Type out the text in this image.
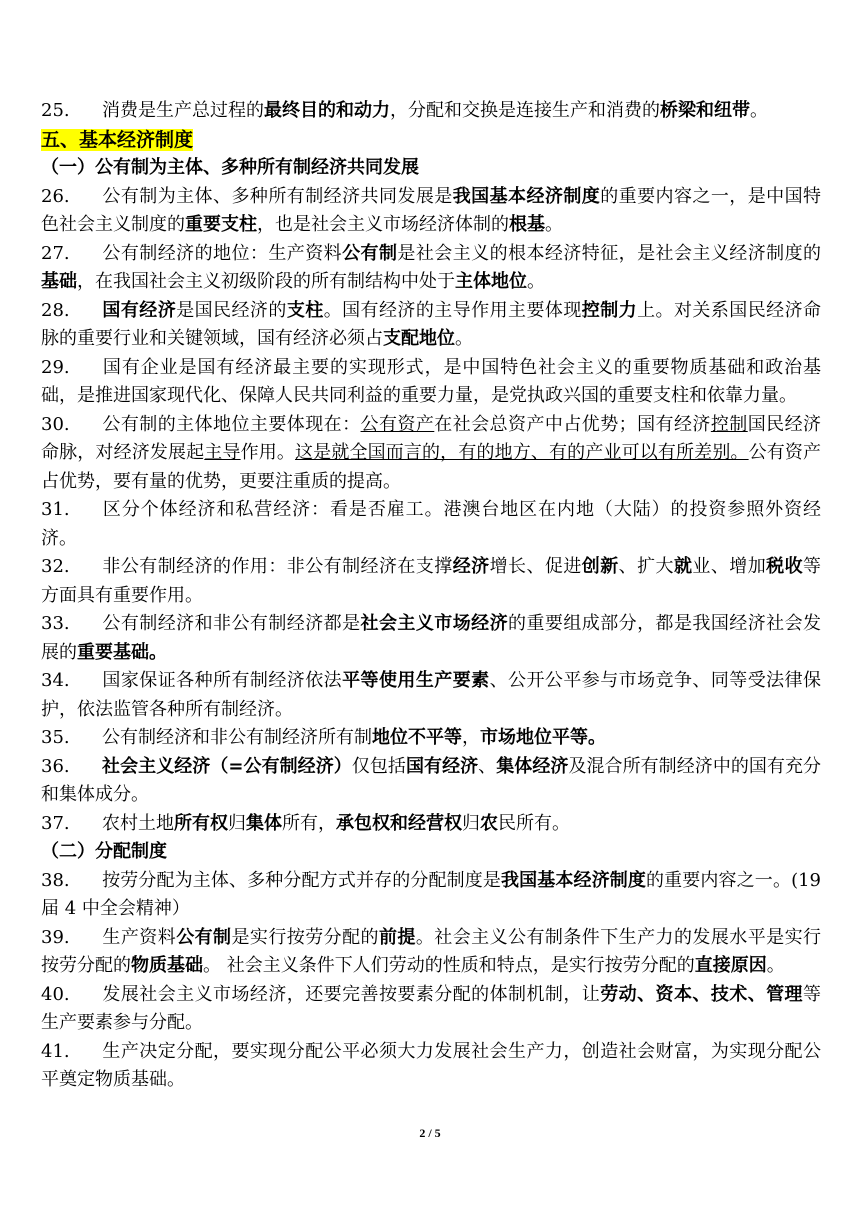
25. 消费是生产总过程的最终目的和动力，分配和交换是连接生产和消费的桥梁和纽带。
五、基本经济制度
（一）公有制为主体、多种所有制经济共同发展
26. 公有制为主体、多种所有制经济共同发展是我国基本经济制度的重要内容之一，是中国特色社会主义制度的重要支柱，也是社会主义市场经济体制的根基。
27. 公有制经济的地位：生产资料公有制是社会主义的根本经济特征，是社会主义经济制度的基础，在我国社会主义初级阶段的所有制结构中处于主体地位。
28. 国有经济是国民经济的支柱。国有经济的主导作用主要体现控制力上。对关系国民经济命脉的重要行业和关键领域，国有经济必须占支配地位。
29. 国有企业是国有经济最主要的实现形式，是中国特色社会主义的重要物质基础和政治基础，是推进国家现代化、保障人民共同利益的重要力量，是党执政兴国的重要支柱和依靠力量。
30. 公有制的主体地位主要体现在：公有资产在社会总资产中占优势；国有经济控制国民经济命脉，对经济发展起主导作用。这是就全国而言的，有的地方、有的产业可以有所差别。公有资产占优势，要有量的优势，更要注重质的提高。
31. 区分个体经济和私营经济：看是否雇工。港澳台地区在内地（大陆）的投资参照外资经济。
32. 非公有制经济的作用：非公有制经济在支撑经济增长、促进创新、扩大就业、增加税收等方面具有重要作用。
33. 公有制经济和非公有制经济都是社会主义市场经济的重要组成部分，都是我国经济社会发展的重要基础。
34. 国家保证各种所有制经济依法平等使用生产要素、公开公平参与市场竞争、同等受法律保护，依法监管各种所有制经济。
35. 公有制经济和非公有制经济所有制地位不平等，市场地位平等。
36. 社会主义经济（=公有制经济）仅包括国有经济、集体经济及混合所有制经济中的国有充分和集体成分。
37. 农村土地所有权归集体所有，承包权和经营权归农民所有。
（二）分配制度
38. 按劳分配为主体、多种分配方式并存的分配制度是我国基本经济制度的重要内容之一。(19 届 4 中全会精神）
39. 生产资料公有制是实行按劳分配的前提。社会主义公有制条件下生产力的发展水平是实行按劳分配的物质基础。 社会主义条件下人们劳动的性质和特点，是实行按劳分配的直接原因。
40. 发展社会主义市场经济，还要完善按要素分配的体制机制，让劳动、资本、技术、管理等生产要素参与分配。
41. 生产决定分配，要实现分配公平必须大力发展社会生产力，创造社会财富，为实现分配公平奠定物质基础。
2 / 5
